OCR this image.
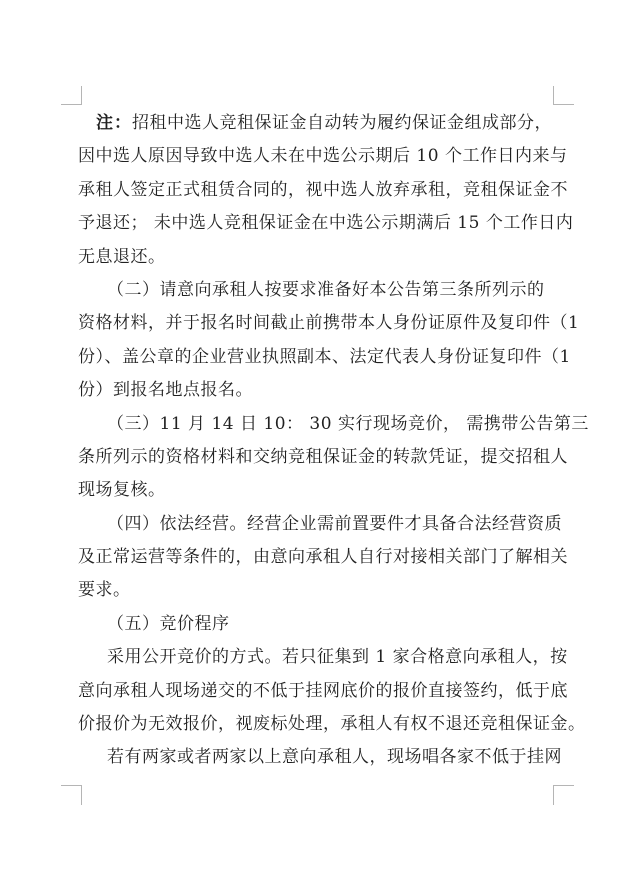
注：招租中选人竞租保证金自动转为履约保证金组成部分，
因中选人原因导致中选人未在中选公示期后 10 个工作日内来与
承租人签定正式租赁合同的，视中选人放弃承租，竞租保证金不
予退还； 未中选人竞租保证金在中选公示期满后 15 个工作日内
无息退还。
（二）请意向承租人按要求准备好本公告第三条所列示的
资格材料，并于报名时间截止前携带本人身份证原件及复印件（1
份）、盖公章的企业营业执照副本、法定代表人身份证复印件（1
份）到报名地点报名。
（三）11 月 14 日 10： 30 实行现场竞价， 需携带公告第三
条所列示的资格材料和交纳竞租保证金的转款凭证，提交招租人
现场复核。
（四）依法经营。经营企业需前置要件才具备合法经营资质
及正常运营等条件的，由意向承租人自行对接相关部门了解相关
要求。
（五）竞价程序
采用公开竞价的方式。若只征集到 1 家合格意向承租人，按
意向承租人现场递交的不低于挂网底价的报价直接签约，低于底
价报价为无效报价，视废标处理，承租人有权不退还竞租保证金。
若有两家或者两家以上意向承租人，现场唱各家不低于挂网
